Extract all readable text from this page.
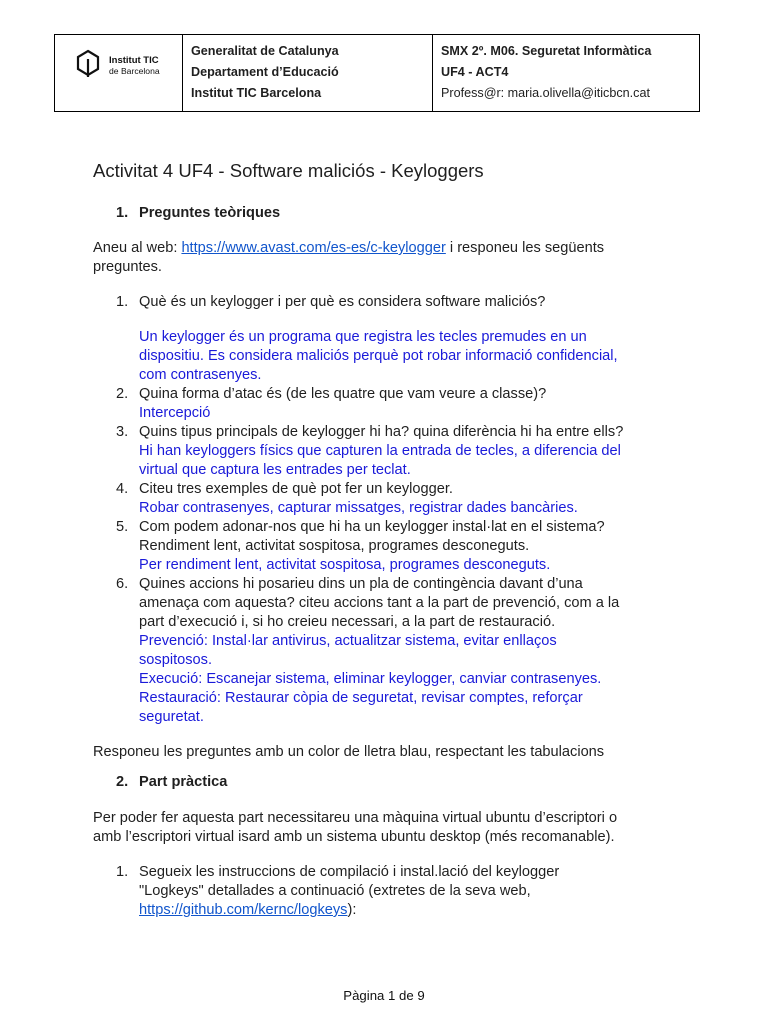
Institut TIC
de Barcelona
Generalitat de Catalunya
Departament d’Educació
Institut TIC Barcelona
SMX 2º. M06. Seguretat Informàtica
UF4 - ACT4
Profess@r: maria.olivella@iticbcn.cat
Activitat 4 UF4 - Software maliciós - Keyloggers
1. Preguntes teòriques
Aneu al web: https://www.avast.com/es-es/c-keylogger i responeu les següents
preguntes.
1. Què és un keylogger i per què es considera software maliciós?
Un keylogger és un programa que registra les tecles premudes en un
dispositiu. Es considera maliciós perquè pot robar informació confidencial,
com contrasenyes.
2. Quina forma d’atac és (de les quatre que vam veure a classe)?
Intercepció
3. Quins tipus principals de keylogger hi ha? quina diferència hi ha entre ells?
Hi han keyloggers físics que capturen la entrada de tecles, a diferencia del
virtual que captura les entrades per teclat.
4. Citeu tres exemples de què pot fer un keylogger.
Robar contrasenyes, capturar missatges, registrar dades bancàries.
5. Com podem adonar-nos que hi ha un keylogger instal·lat en el sistema?
Rendiment lent, activitat sospitosa, programes desconeguts.
Per rendiment lent, activitat sospitosa, programes desconeguts.
6. Quines accions hi posarieu dins un pla de contingència davant d’una
amenaça com aquesta? citeu accions tant a la part de prevenció, com a la
part d’execució i, si ho creieu necessari, a la part de restauració.
Prevenció: Instal·lar antivirus, actualitzar sistema, evitar enllaços
sospitosos.
Execució: Escanejar sistema, eliminar keylogger, canviar contrasenyes.
Restauració: Restaurar còpia de seguretat, revisar comptes, reforçar
seguretat.
Responeu les preguntes amb un color de lletra blau, respectant les tabulacions
2. Part pràctica
Per poder fer aquesta part necessitareu una màquina virtual ubuntu d’escriptori o
amb l’escriptori virtual isard amb un sistema ubuntu desktop (més recomanable).
1. Segueix les instruccions de compilació i instal.lació del keylogger
"Logkeys" detallades a continuació (extretes de la seva web,
https://github.com/kernc/logkeys):
Pàgina 1 de 9
